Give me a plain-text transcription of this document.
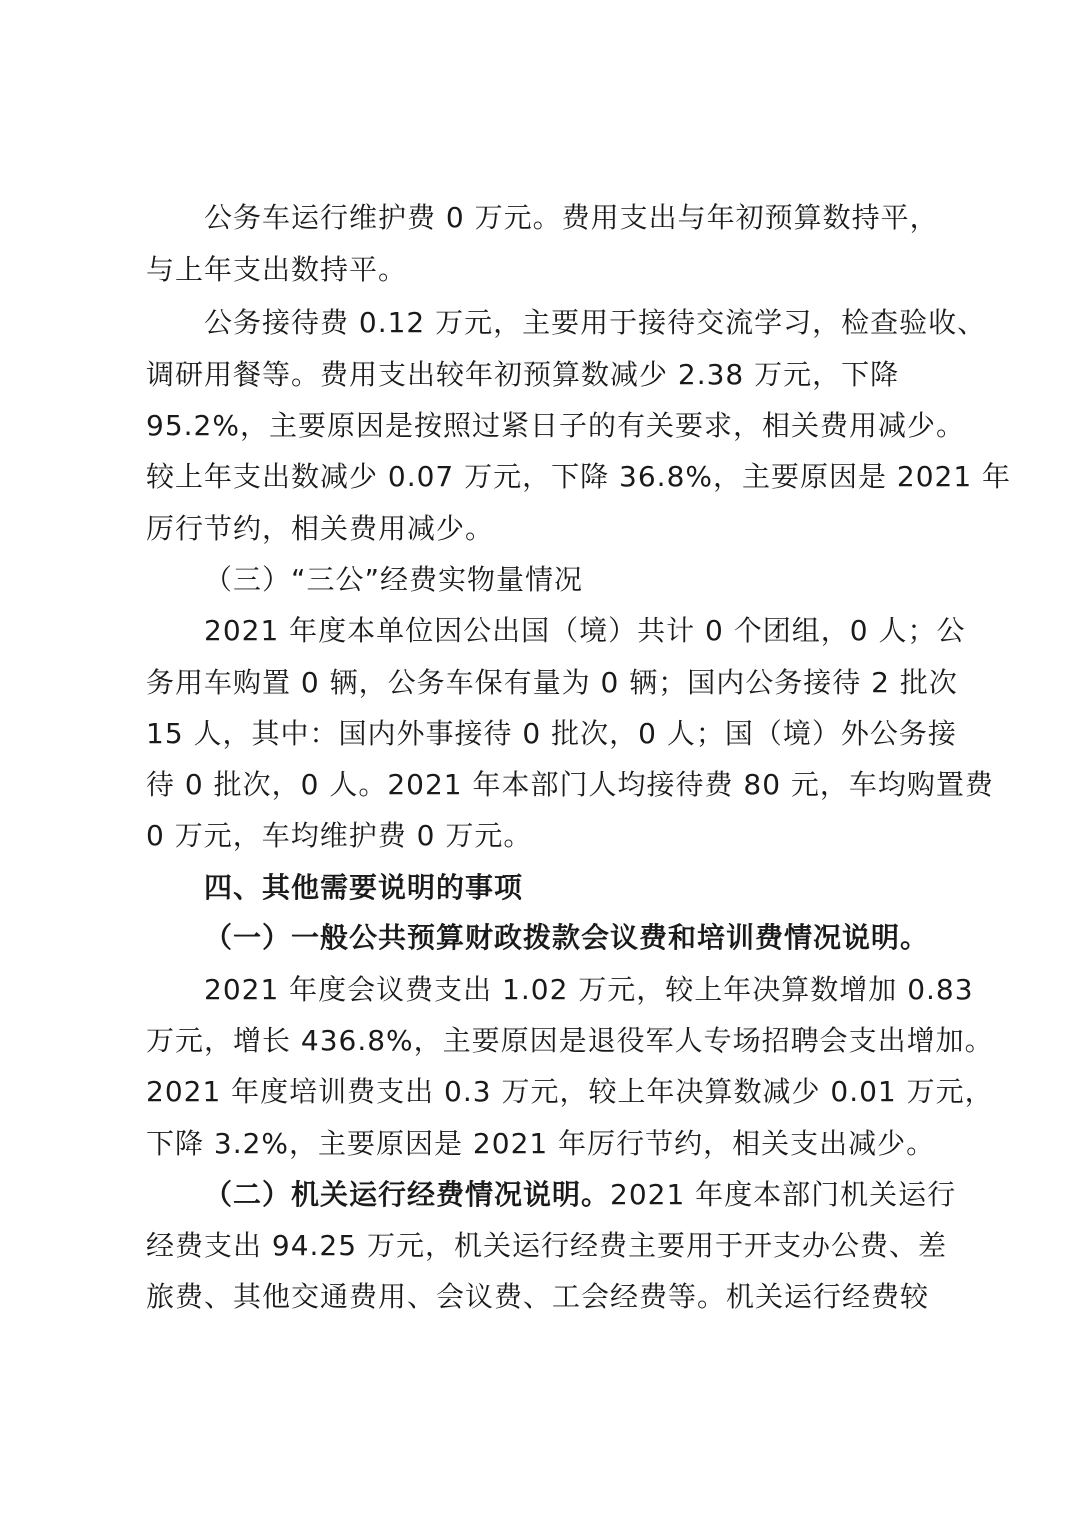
公务车运行维护费 0 万元。费用支出与年初预算数持平，
与上年支出数持平。
公务接待费 0.12 万元，主要用于接待交流学习，检查验收、
调研用餐等。费用支出较年初预算数减少 2.38 万元，下降
95.2%，主要原因是按照过紧日子的有关要求，相关费用减少。
较上年支出数减少 0.07 万元，下降 36.8%，主要原因是 2021 年
厉行节约，相关费用减少。
（三）“三公”经费实物量情况
2021 年度本单位因公出国（境）共计 0 个团组，0 人；公
务用车购置 0 辆，公务车保有量为 0 辆；国内公务接待 2 批次
15 人，其中：国内外事接待 0 批次，0 人；国（境）外公务接
待 0 批次，0 人。2021 年本部门人均接待费 80 元，车均购置费
0 万元，车均维护费 0 万元。
四、其他需要说明的事项
（一）一般公共预算财政拨款会议费和培训费情况说明。
2021 年度会议费支出 1.02 万元，较上年决算数增加 0.83
万元，增长 436.8%，主要原因是退役军人专场招聘会支出增加。
2021 年度培训费支出 0.3 万元，较上年决算数减少 0.01 万元，
下降 3.2%，主要原因是 2021 年厉行节约，相关支出减少。
（二）机关运行经费情况说明。2021 年度本部门机关运行
经费支出 94.25 万元，机关运行经费主要用于开支办公费、差
旅费、其他交通费用、会议费、工会经费等。机关运行经费较
